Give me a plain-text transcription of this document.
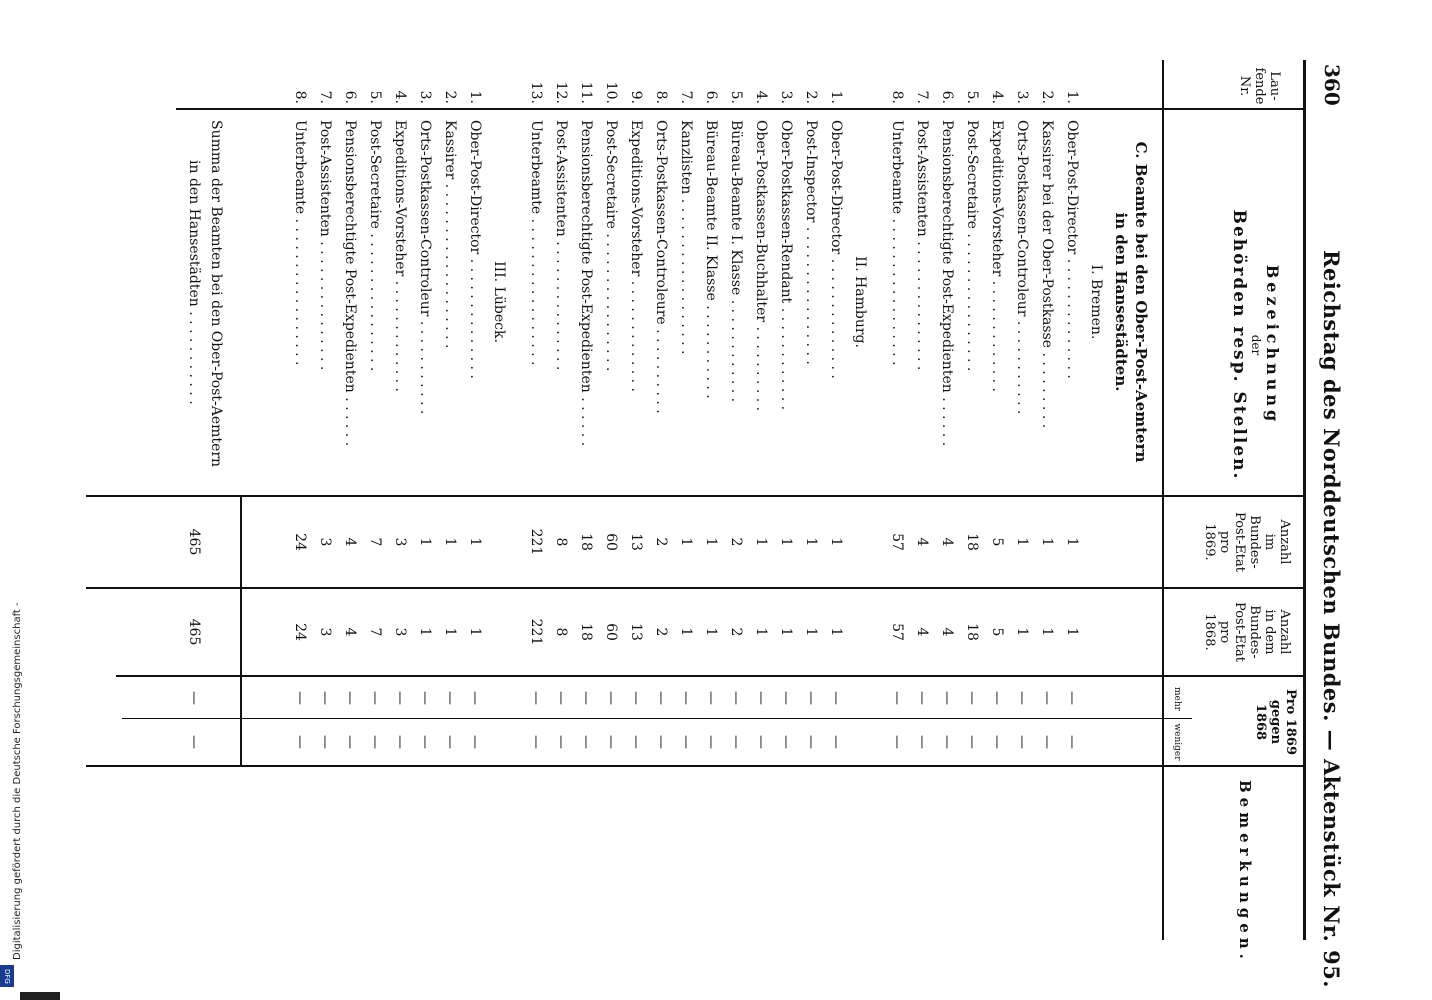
Digitalisierung gefördert durch die Deutsche Forschungsgemeinschaft -
DFG
360
Reichstag des Norddeutschen Bundes. — Aktenstück Nr. 95.
Lau-
fende
Nr.
Bezeichnung
der
Behörden resp. Stellen.
Anzahl
im
Bundes-
Post-Etat
pro
1869.
Anzahl
in dem
Bundes-
Post-Etat
pro
1868.
Pro 1869
gegen
1868
mehr
weniger
Bemerkungen.
C. Beamte bei den Ober-Post-Aemtern
in den Hansestädten.
I. Bremen.
1.
Ober-Post-Director . . . . . . . . . . . . . .
1
1
—
—
2.
Kassirer bei der Ober-Postkasse . . . . . . . . .
1
1
—
—
3.
Orts-Postkassen-Controleur . . . . . . . . . . .
1
1
—
—
4.
Expeditions-Vorsteher . . . . . . . . . . . . .
5
5
—
—
5.
Post-Secretaire . . . . . . . . . . . . . . . .
18
18
—
—
6.
Pensionsberechtigte Post-Expedienten . . . . . .
4
4
—
—
7.
Post-Assistenten . . . . . . . . . . . . . . .
4
4
—
—
8.
Unterbeamte . . . . . . . . . . . . . . . . .
57
57
—
—
II. Hamburg.
1.
Ober-Post-Director . . . . . . . . . . . . . .
1
1
—
—
2.
Post-Inspector . . . . . . . . . . . . . . . .
1
1
—
—
3.
Ober-Postkassen-Rendant . . . . . . . . . . . .
1
1
—
—
4.
Ober-Postkassen-Buchhalter . . . . . . . . . .
1
1
—
—
5.
Büreau-Beamte I. Klasse . . . . . . . . . . . .
2
2
—
—
6.
Büreau-Beamte II. Klasse . . . . . . . . . . .
1
1
—
—
7.
Kanzlisten . . . . . . . . . . . . . . . . . .
1
1
—
—
8.
Orts-Postkassen-Controleure . . . . . . . . . .
2
2
—
—
9.
Expeditions-Vorsteher . . . . . . . . . . . . .
13
13
—
—
10.
Post-Secretaire . . . . . . . . . . . . . . . .
60
60
—
—
11.
Pensionsberechtigte Post-Expedienten . . . . . .
18
18
—
—
12.
Post-Assistenten . . . . . . . . . . . . . . .
8
8
—
—
13.
Unterbeamte . . . . . . . . . . . . . . . . .
221
221
—
—
III. Lübeck.
1.
Ober-Post-Director . . . . . . . . . . . . . .
1
1
—
—
2.
Kassirer . . . . . . . . . . . . . . . . . . .
1
1
—
—
3.
Orts-Postkassen-Controleur . . . . . . . . . . .
1
1
—
—
4.
Expeditions-Vorsteher . . . . . . . . . . . . .
3
3
—
—
5.
Post-Secretaire . . . . . . . . . . . . . . . .
7
7
—
—
6.
Pensionsberechtigte Post-Expedienten . . . . . .
4
4
—
—
7.
Post-Assistenten . . . . . . . . . . . . . . .
3
3
—
—
8.
Unterbeamte . . . . . . . . . . . . . . . . .
24
24
—
—
Summa der Beamten bei den Ober-Post-Aemtern
in den Hansestädten . . . . . . . . . . .
465
465
—
—
